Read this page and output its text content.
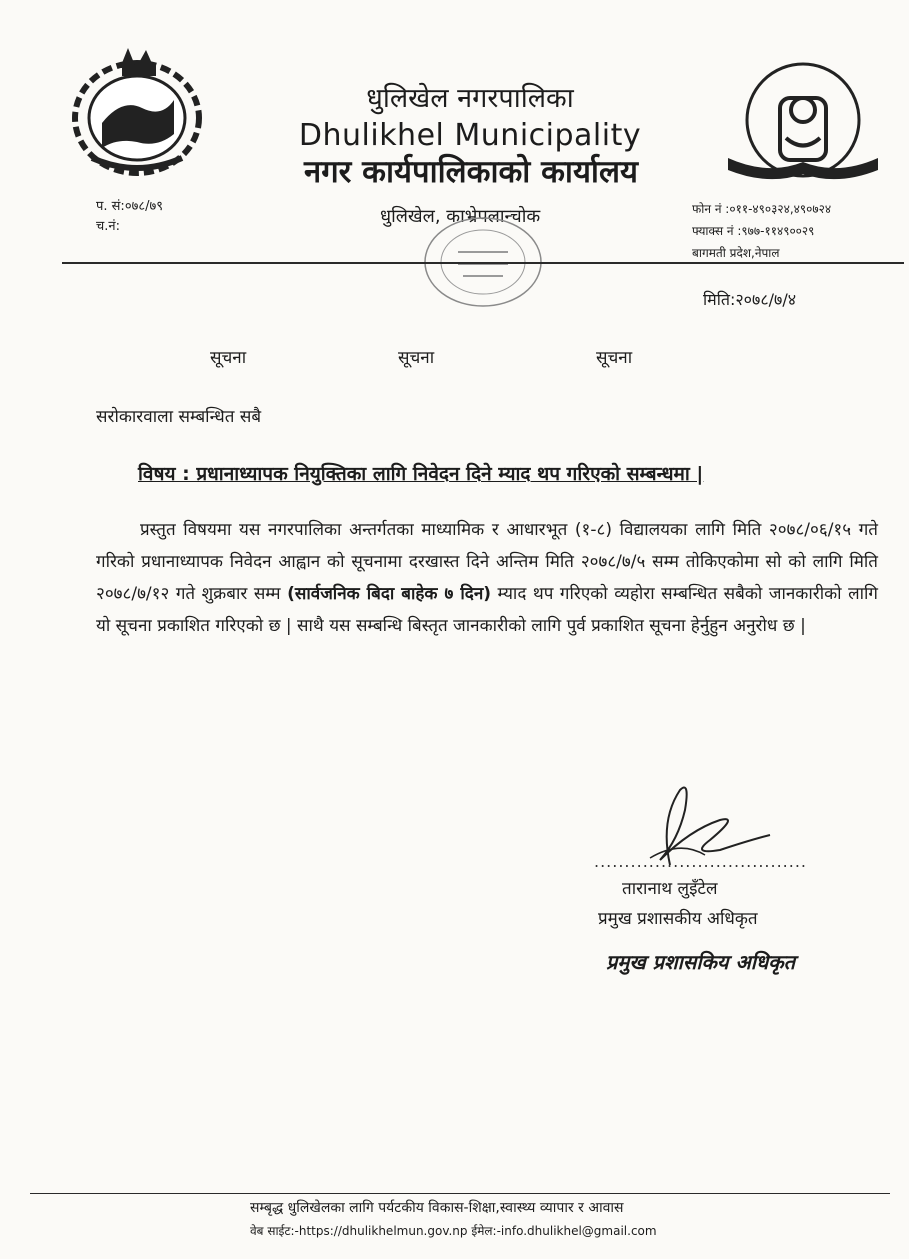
धुलिखेल नगरपालिका
Dhulikhel Municipality
नगर कार्यपालिकाको कार्यालय
प. सं:०७८/७९
च.नं:	धुलिखेल, काभ्रेपलान्चोक	फोन नं :०११-४९०३२४,४९०७२४
फ्याक्स नं :९७७-११४९००२९
बागमती प्रदेश,नेपाल
मिति:२०७८/७/४
सूचना	सूचना	सूचना
सरोकारवाला सम्बन्धित सबै
विषय : प्रधानाध्यापक नियुक्तिका लागि निवेदन दिने म्याद थप गरिएको सम्बन्धमा |

प्रस्तुत विषयमा यस नगरपालिका अन्तर्गतका माध्यामिक र आधारभूत (१-८) विद्यालयका लागि मिति २०७८/०६/१५ गते गरिको प्रधानाध्यापक निवेदन आह्वान को सूचनामा दरखास्त दिने अन्तिम मिति २०७८/७/५ सम्म तोकिएकोमा सो को लागि मिति २०७८/७/१२ गते शुक्रबार सम्म (सार्वजनिक बिदा बाहेक ७ दिन) म्याद थप गरिएको व्यहोरा सम्बन्धित सबैको जानकारीको लागि यो सूचना प्रकाशित गरिएको छ | साथै यस सम्बन्धि बिस्तृत जानकारीको लागि पुर्व प्रकाशित सूचना हेर्नुहुन अनुरोध छ |

...................................
तारानाथ लुइँटेल
प्रमुख प्रशासकीय अधिकृत
प्रमुख प्रशासकिय अधिकृत
सम्बृद्ध धुलिखेलका लागि पर्यटकीय विकास-शिक्षा,स्वास्थ्य व्यापार र आवास
वेब साईट:-https://dhulikhelmun.gov.np ईमेल:-info.dhulikhel@gmail.com
